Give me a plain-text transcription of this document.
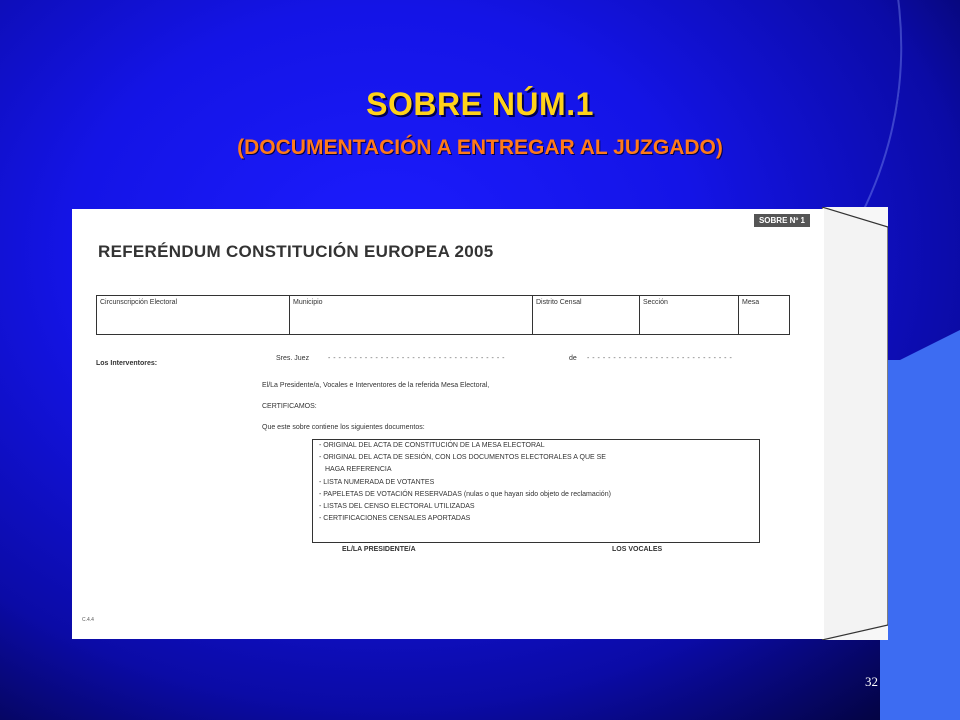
SOBRE NÚM.1
(DOCUMENTACIÓN A ENTREGAR AL JUZGADO)
SOBRE Nº 1
REFERÉNDUM CONSTITUCIÓN EUROPEA 2005
Circunscripción Electoral	Municipio	Distrito Censal	Sección	Mesa
Los Interventores:
Sres. Juez	- - - - - - - - - - - - - - - - - - - - - - - - - - - - - - - - - -	de - - - - - - - - - - - - - - - - - - - - - - - - - - - -
El/La Presidente/a, Vocales e Interventores de la referida Mesa Electoral,
CERTIFICAMOS:
Que este sobre contiene los siguientes documentos:
- ORIGINAL DEL ACTA DE CONSTITUCIÓN DE LA MESA ELECTORAL
- ORIGINAL DEL ACTA DE SESIÓN, CON LOS DOCUMENTOS ELECTORALES A QUE SE
HAGA REFERENCIA
- LISTA NUMERADA DE VOTANTES
- PAPELETAS DE VOTACIÓN RESERVADAS (nulas o que hayan sido objeto de reclamación)
- LISTAS DEL CENSO ELECTORAL UTILIZADAS
- CERTIFICACIONES CENSALES APORTADAS
EL/LA PRESIDENTE/A	LOS VOCALES
C.4.4
32
